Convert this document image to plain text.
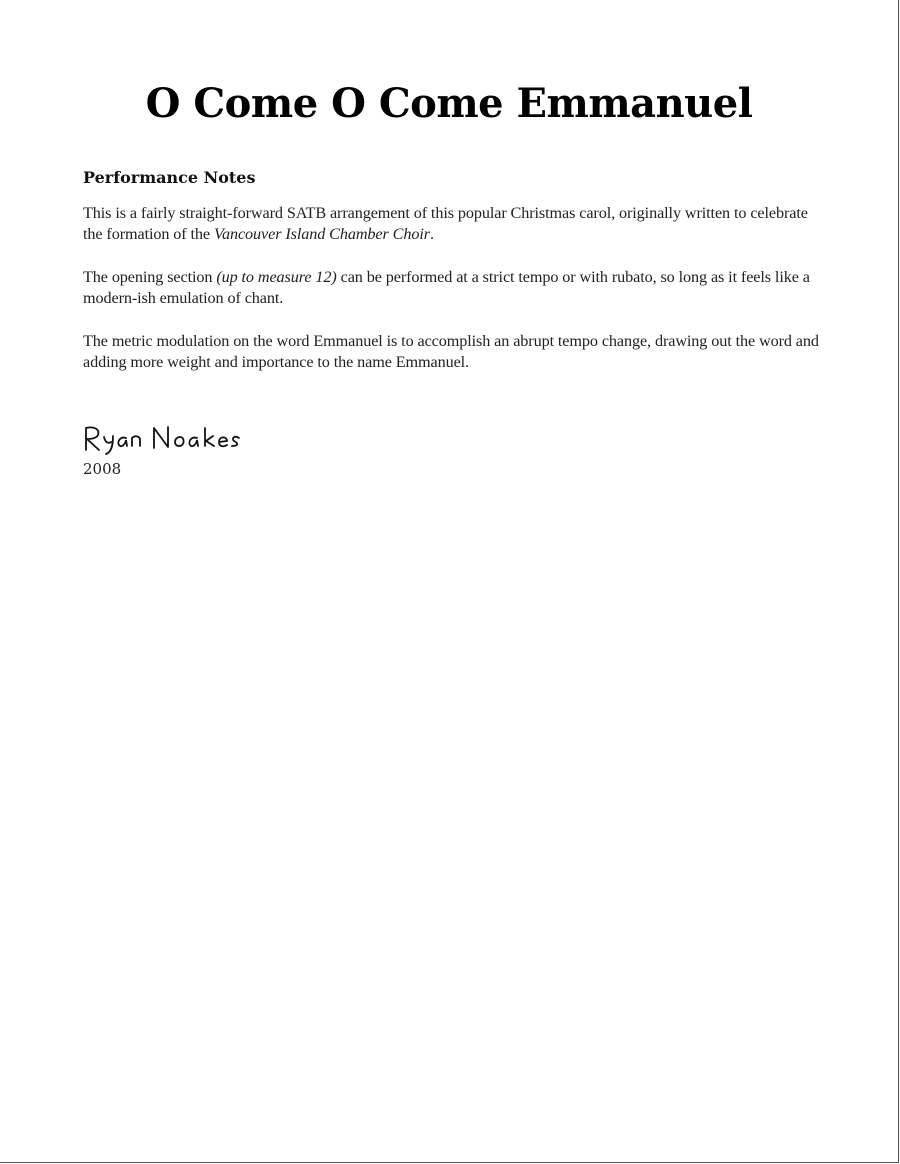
O Come O Come Emmanuel
Performance Notes

This is a fairly straight-forward SATB arrangement of this popular Christmas carol, originally written to celebrate the formation of the Vancouver Island Chamber Choir.

The opening section (up to measure 12) can be performed at a strict tempo or with rubato, so long as it feels like a modern-ish emulation of chant.

The metric modulation on the word Emmanuel is to accomplish an abrupt tempo change, drawing out the word and adding more weight and importance to the name Emmanuel.

2008
